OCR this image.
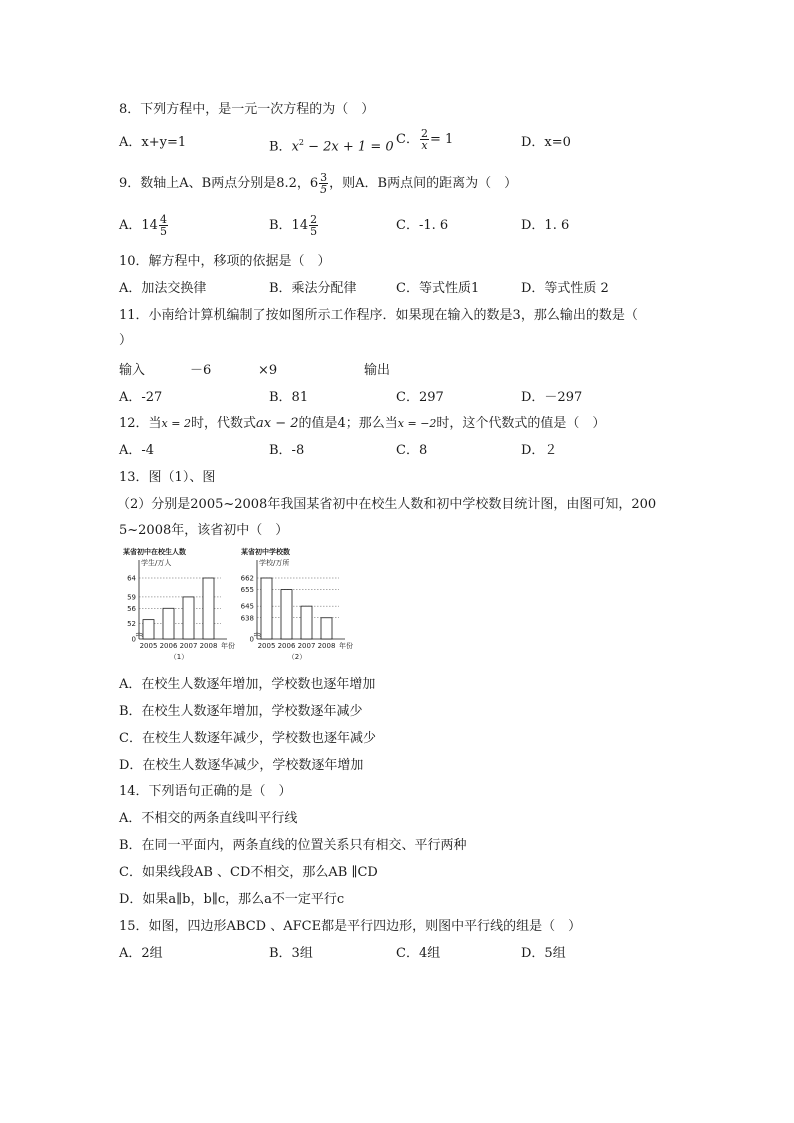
8．下列方程中，是一元一次方程的为（　）
A．x+y=1	B．$x^2 - 2x + 1 = 0$ C． $\frac{2}{x} = 1$	D．x=0
9．数轴上A、B两点分别是8.2，$6 \frac{3}{5}$ ，则A．B两点间的距离为（　）
A．$14 \frac{4}{5}$	B．$14 \frac{2}{5}$	C．-1. 6	D．1. 6
10．解方程中，移项的依据是（　）
A．加法交换律	B．乘法分配律	C．等式性质1	D．等式性质 2
11．小南给计算机编制了按如图所示工作程序．如果现在输入的数是3，那么输出的数是（
）
输入	－6	×9	输出
A．-27	B．81	C．297	D．－297
12．当x = 2时，代数式ax − 2的值是4；那么当x = −2时，这个代数式的值是（　）
A．-4	B．-8	C．8	D．２
13．图（1）、图
（2）分别是2005~2008年我国某省初中在校生人数和初中学校数目统计图，由图可知，200
5~2008年，该省初中（　）
某省初中在校生人数
学生/万人
64
59
56
52
0
2005 2006 2007 2008 年份
（1）
某省初中学校数
学校/万所
662
655
645
638
0
2005 2006 2007 2008 年份
（2）
A．在校生人数逐年增加，学校数也逐年增加
B．在校生人数逐年增加，学校数逐年减少
C．在校生人数逐年减少，学校数也逐年减少
D．在校生人数逐华减少，学校数逐年增加
14．下列语句正确的是（　）
A．不相交的两条直线叫平行线
B．在同一平面内，两条直线的位置关系只有相交、平行两种
C．如果线段AB 、CD不相交，那么AB ∥CD
D．如果a∥b，b∥c，那么a不一定平行c
15．如图，四边形ABCD 、AFCE都是平行四边形，则图中平行线的组是（　）
A．2组	B．3组	C．4组	D．5组
